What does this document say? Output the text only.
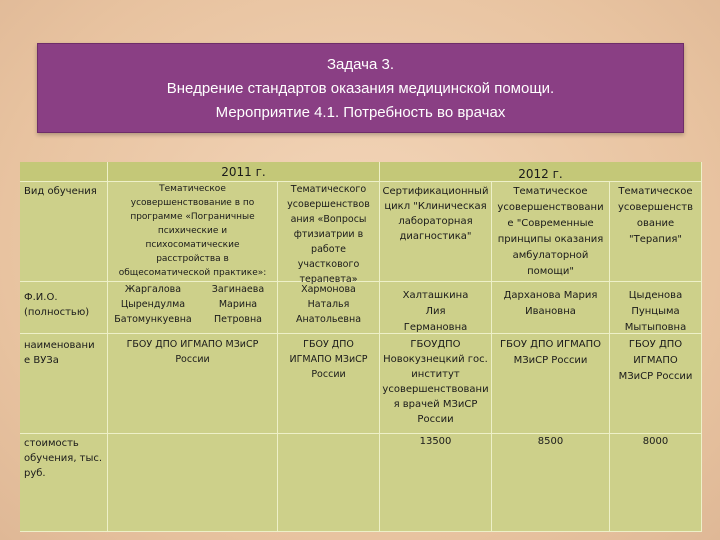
Задача 3.
Внедрение стандартов оказания медицинской помощи.
Мероприятие 4.1. Потребность во врачах
2011 г.	2012 г.
Вид обучения
Ф.И.О.
(полностью)
наименовани
е ВУЗа
стоимость
обучения, тыс.
руб.
Тематическое
усовершенствование в по
программе «Пограничные
психические и
психосоматические
расстройства в
общесоматической практике»:
Жаргалова
Цырендулма
Батомункуевна
Загинаева
Марина
Петровна
ГБОУ ДПО ИГМАПО МЗиСР
России
Тематического
усовершенствов
ания «Вопросы
фтизиатрии в
работе
участкового
терапевта»
Хармонова
Наталья
Анатольевна
ГБОУ ДПО
ИГМАПО МЗиСР
России
Сертификационный
цикл "Клиническая
лабораторная
диагностика"
Халташкина
Лия
Германовна
ГБОУДПО
Новокузнецкий гос.
институт
усовершенствовани
я врачей МЗиСР
России
13500
Тематическое
усовершенствовани
е "Современные
принципы оказания
амбулаторной
помощи"
Дарханова Мария
Ивановна
ГБОУ ДПО ИГМАПО
МЗиСР России
8500
Тематическое
усовершенств
ование
"Терапия"
Цыденова
Пунцыма
Мытыповна
ГБОУ ДПО
ИГМАПО
МЗиСР России
8000
